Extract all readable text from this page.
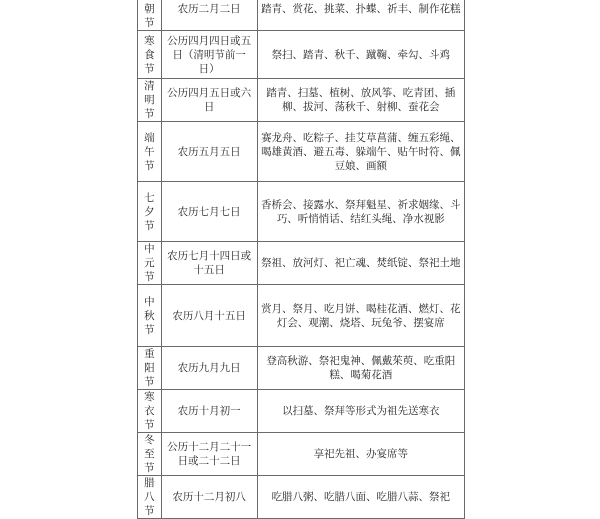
朝节	农历二月二日	踏青、赏花、挑菜、扑蝶、祈丰、制作花糕
寒食节	公历四月四日或五日（清明节前一日）	祭扫、踏青、秋千、蹴鞠、牵勾、斗鸡
清明节	公历四月五日或六日	踏青、扫墓、植树、放风筝、吃青团、插柳、拔河、荡秋千、射柳、蚕花会
端午节	农历五月五日	赛龙舟、吃粽子、挂艾草菖蒲、缠五彩绳、喝雄黄酒、避五毒、躲端午、贴午时符、佩豆娘、画额
七夕节	农历七月七日	香桥会、接露水、祭拜魁星、祈求姻缘、斗巧、听悄悄话、结红头绳、净水视影
中元节	农历七月十四日或十五日	祭祖、放河灯、祀亡魂、焚纸锭、祭祀土地
中秋节	农历八月十五日	赏月、祭月、吃月饼、喝桂花酒、燃灯、花灯会、观潮、烧塔、玩兔爷、摆宴席
重阳节	农历九月九日	登高秋游、祭祀鬼神、佩戴茱萸、吃重阳糕、喝菊花酒
寒衣节	农历十月初一	以扫墓、祭拜等形式为祖先送寒衣
冬至节	公历十二月二十一日或二十二日	享祀先祖、办宴席等
腊八节	农历十二月初八	吃腊八粥、吃腊八面、吃腊八蒜、祭祀
